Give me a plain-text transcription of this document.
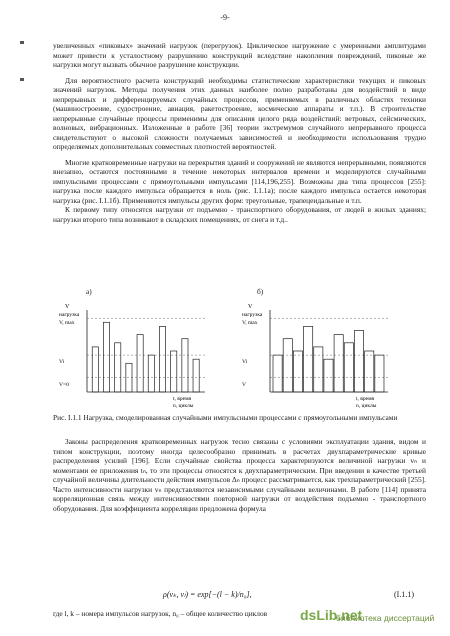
-9-

увеличенных «пиковых» значений нагрузок (перегрузок). Циклическое нагружение с умеренными амплитудами может привести к усталостному разрушению конструкций вследствие накопления повреждений, пиковые же нагрузки могут вызвать обычное разрушение конструкции.

Для вероятностного расчета конструкций необходимы статистические характеристики текущих и пиковых значений нагрузок. Методы получения этих данных наиболее полно разработаны для воздействий в виде непрерывных и дифференцируемых случайных процессов, применяемых в различных областях техники (машиностроение, судостроение, авиация, ракетостроение, космические аппараты и т.п.). В строительстве непрерывные случайные процессы применимы для описания целого ряда воздействий: ветровых, сейсмических, волновых, вибрационных. Изложенные в работе [36] теории экстремумов случайного непрерывного процесса свидетельствуют о высокой сложности получаемых зависимостей и необходимости использования трудно определяемых дополнительных совместных плотностей вероятностей.

Многие кратковременные нагрузки на перекрытия зданий и сооружений не являются непрерывными, появляются внезапно, остаются постоянными в течение некоторых интервалов времени и моделируются случайными импульсными процессами с прямоугольными импульсами [114,196,255]. Возможны два типа процессов [255]: нагрузка после каждого импульса обращается в ноль (рис. I.1.1а); после каждого импульса остается некоторая нагрузка (рис. I.1.1б). Применяются импульсы других форм: треугольные, трапецеидальные и т.п.

К первому типу относятся нагрузки от подъемно - транспортного оборудования, от людей в жилых зданиях; нагрузки второго типа возникают в складских помещениях, от снега и т.д..

а)	б)
V
нагрузка
V, max
Vi
V=0
t, время
n, циклы
V
нагрузка
V, max
Vi
V
t, время
n, циклы
Рис. I.1.1 Нагрузка, смоделированная случайными импульсными процессами с прямоугольными импульсами

Законы распределения кратковременных нагрузок тесно связаны с условиями эксплуатации здания, видом и типом конструкции, поэтому иногда целесообразно принимать в расчетах двухпараметрические кривые распределения усилий [196]. Если случайные свойства процесса характеризуются величиной нагрузки vₙ и моментами ее приложения tₙ, то эти процессы относятся к двухпараметрическим. При введении в качестве третьей случайной величины длительности действия импульсов Δₙ процесс рассматривается, как трехпараметрический [255]. Часто интенсивности нагрузки vₙ представляются независимыми случайными величинами. В работе [114] принята корреляционная связь между интенсивностями повторной нагрузки от воздействия подъемно - транспортного оборудования. Для коэффициента корреляции предложена формула

ρ(vₖ, vₗ) = exp[−(l − k)/n₀],	(I.1.1)
где l, k – номера импульсов нагрузок, n₀ – общее количество циклов	dsLib.net
библиотека диссертаций
